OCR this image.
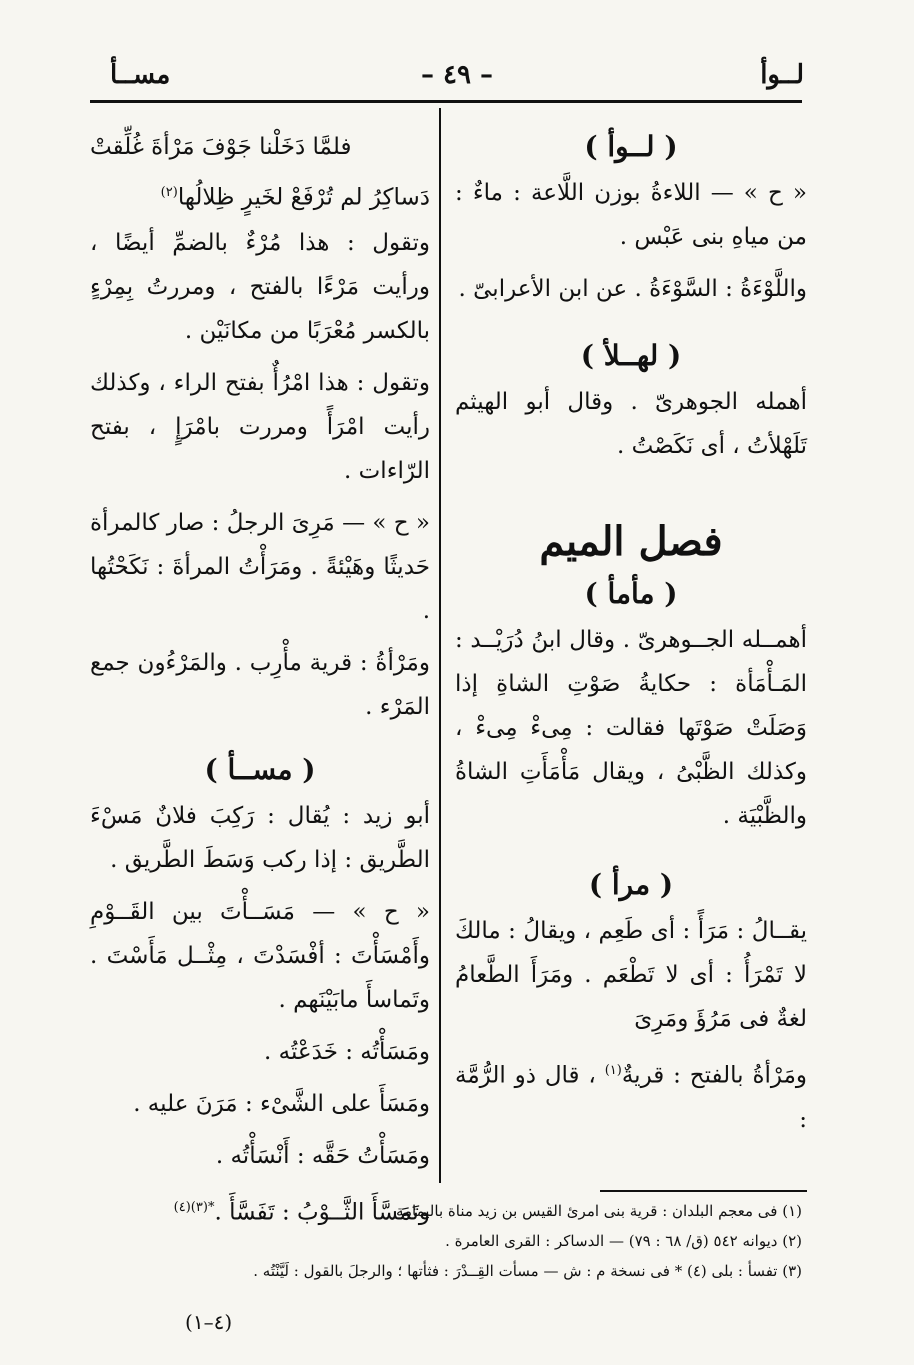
لــوأ
– ٤٩ –
مســأ
( لــوأ )
« ح » — اللاءةُ بوزن اللَّاعة : ماءٌ : من مياهِ بنى عَبْس .
واللَّوْءَةُ : السَّوْءَةُ . عن ابن الأعرابىّ .
( لهــلأ )
أهمله الجوهرىّ . وقال أبو الهيثم تَلَهْلأتُ ، أى نَكَصْتُ .
فصل الميم
( مأمأ )
أهمــله الجــوهرىّ . وقال ابنُ دُرَيْــد : المَـأْمَأة : حكايةُ صَوْتِ الشاةِ إذا وَصَلَتْ صَوْتَها فقالت : مِىءْ مِىءْ ، وكذلك الظَّبْىُ ، ويقال مَأْمَأَتِ الشاةُ والظَّبْيَة .
( مرأ )
يقــالُ : مَرَأً : أى طَعِم ، ويقالُ : مالكَ لا تَمْرَأُ : أى لا تَطْعَم . ومَرَأَ الطَّعامُ لغةٌ فى مَرُؤَ ومَرِىَ
ومَرْأةُ بالفتح : قريةٌ$^{(١)}$ ، قال ذو الرُّمَّة :
فلمَّا دَخَلْنا جَوْفَ مَرْأةَ غُلِّقتْ
دَساكِرُ لم تُرْفَعْ لخَيرٍ ظِلالُها$^{(٢)}$
وتقول : هذا مُرْءٌ بالضمِّ أيضًا ، ورأيت مَرْءًا بالفتح ، ومررتُ بِمِرْءٍ بالكسر مُعْرَبًا من مكانَيْن .
وتقول : هذا امْرُأٌ بفتح الراء ، وكذلك رأيت امْرَأً ومررت بامْرَإٍ ، بفتح الرّاءات .
« ح » — مَرِىَ الرجلُ : صار كالمرأة حَديثًا وهَيْئةً . ومَرَأْتُ المرأةَ : نَكَحْتُها .
ومَرْأةُ : قرية مأْرِب . والمَرْءُون جمع المَرْء .
( مســأ )
أبو زيد : يُقال : رَكِبَ فلانٌ مَسْءَ الطَّريق : إذا ركب وَسَطَ الطَّريق .
« ح » — مَسَــأْتَ بين القَــوْمِ وأَمْسَأْتَ : أفْسَدْتَ ، مِثْــل مَأَسْتَ . وتَماسأَ مابَيْنَهم .
ومَسَأْتُه : خَدَعْتُه .
ومَسَأَ على الشَّىْء : مَرَنَ عليه .
ومَسَأْتُ حَقَّه : أَنْسَأْتُه .
وتَمَسَّأَ الثَّــوْبُ : تَفَسَّأَ .$^{*(٣)(٤)}$	(١) فى معجم البلدان : قرية بنى امرئ القيس بن زيد مناة باليمامة .
(٢) ديوانه ٥٤٢ (ق/ ٦٨ : ٧٩) — الدساكر : القرى العامرة .
(٣) تفسأ : بلى (٤) * فى نسخة م : ش — مسأت القِــدْرَ : فثأتها ؛ والرجلَ بالقول : لَيَّنْتُه .
(٤–١)
